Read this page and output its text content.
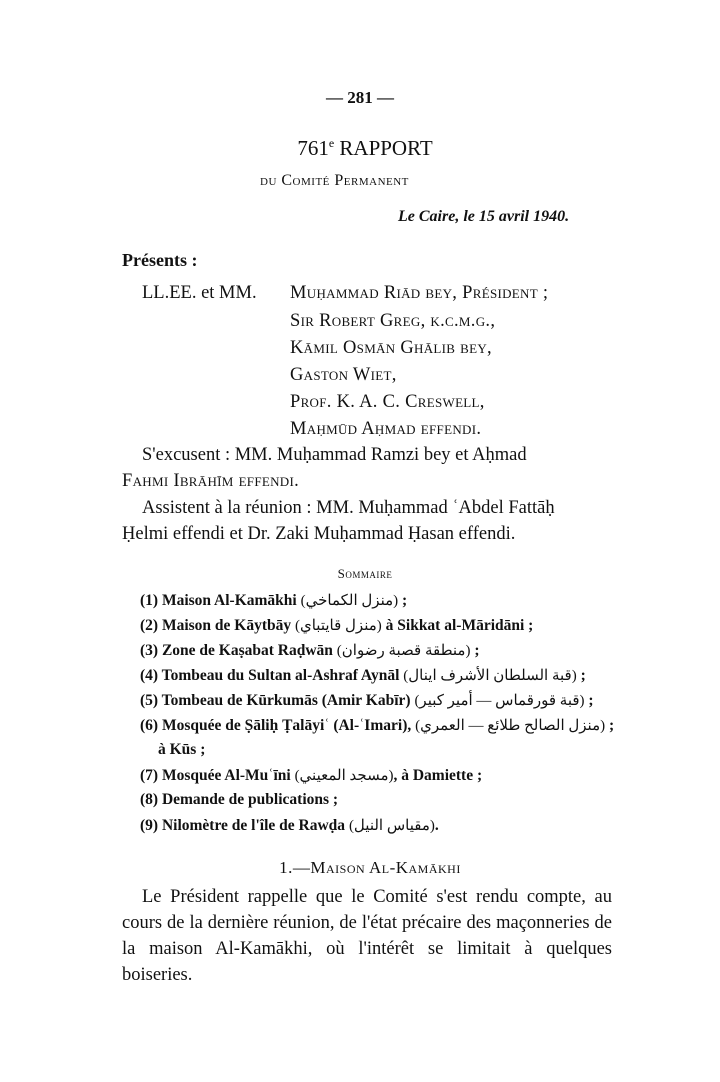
— 281 —
761e RAPPORT
du Comité Permanent
Le Caire, le 15 avril 1940.
Présents :
LL.EE. et MM. Muḥammad Riād bey, Président ;
Sir Robert Greg, k.c.m.g.,
Kāmil Osmān Ghālib bey,
Gaston Wiet,
Prof. K. A. C. Creswell,
Maḥmūd Aḥmad effendi.
S'excusent : MM. Muḥammad Ramzi bey et Aḥmad
Fahmi Ibrāhīm effendi.
Assistent à la réunion : MM. Muḥammad ʿAbdel Fattāḥ
Ḥelmi effendi et Dr. Zaki Muḥammad Ḥasan effendi.
Sommaire
(1) Maison Al-Kamākhi (منزل الكماخي) ;
(2) Maison de Kāytbāy (منزل قايتباي) à Sikkat al-Māridāni ;
(3) Zone de Kaṣabat Raḍwān (منطقة قصبة رضوان) ;
(4) Tombeau du Sultan al-Ashraf Aynāl (قبة السلطان الأشرف اينال) ;
(5) Tombeau de Kūrkumās (Amir Kabīr) (قبة قورقماس — أمير كبير) ;
(6) Mosquée de Ṣāliḥ Ṭalāyiʿ (Al-ʿImari), (منزل الصالح طلائع — العمري) ;
à Kūs ;
(7) Mosquée Al-Muʿīni (مسجد المعيني), à Damiette ;
(8) Demande de publications ;
(9) Nilomètre de l'île de Rawḍa (مقياس النيل).
1.—Maison Al-Kamākhi
Le Président rappelle que le Comité s'est rendu compte, au cours de la dernière réunion, de l'état précaire des maçonneries de la maison Al-Kamākhi, où l'intérêt se limitait à quelques boiseries.
